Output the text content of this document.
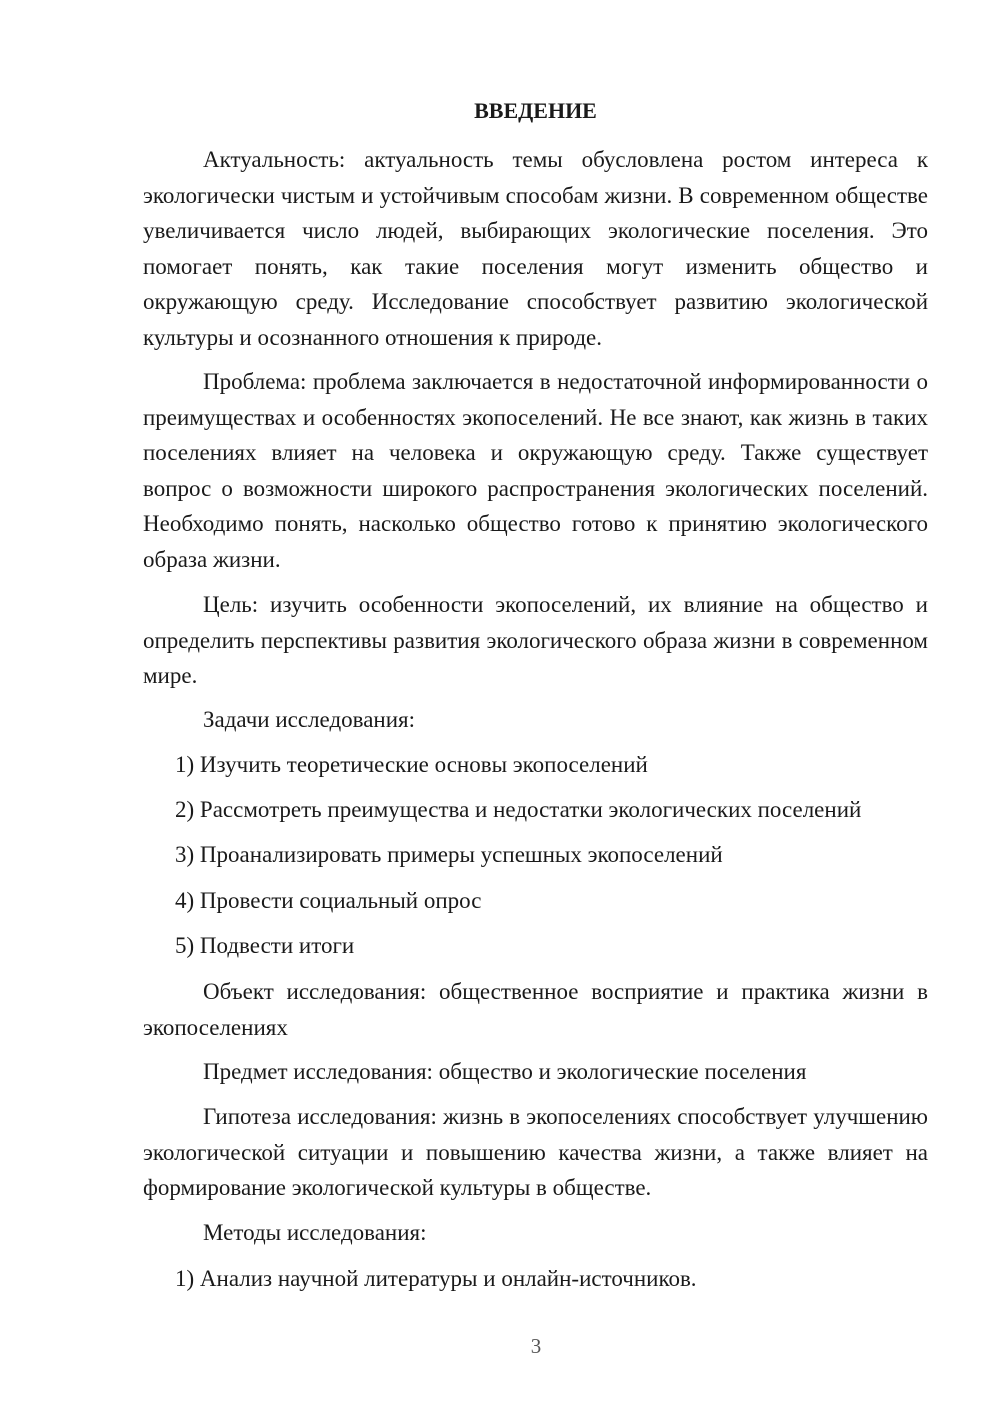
ВВЕДЕНИЕ

Актуальность: актуальность темы обусловлена ростом интереса к экологически чистым и устойчивым способам жизни. В современном обществе увеличивается число людей, выбирающих экологические поселения. Это помогает понять, как такие поселения могут изменить общество и окружающую среду. Исследование способствует развитию экологической культуры и осознанного отношения к природе.

Проблема: проблема заключается в недостаточной информированности о преимуществах и особенностях экопоселений. Не все знают, как жизнь в таких поселениях влияет на человека и окружающую среду. Также существует вопрос о возможности широкого распространения экологических поселений. Необходимо понять, насколько общество готово к принятию экологического образа жизни.

Цель: изучить особенности экопоселений, их влияние на общество и определить перспективы развития экологического образа жизни в современном мире.

Задачи исследования:

1) Изучить теоретические основы экопоселений

2) Рассмотреть преимущества и недостатки экологических поселений

3) Проанализировать примеры успешных экопоселений

4) Провести социальный опрос

5) Подвести итоги

Объект исследования: общественное восприятие и практика жизни в экопоселениях

Предмет исследования: общество и экологические поселения

Гипотеза исследования: жизнь в экопоселениях способствует улучшению экологической ситуации и повышению качества жизни, а также влияет на формирование экологической культуры в обществе.

Методы исследования:

1) Анализ научной литературы и онлайн-источников.

3
